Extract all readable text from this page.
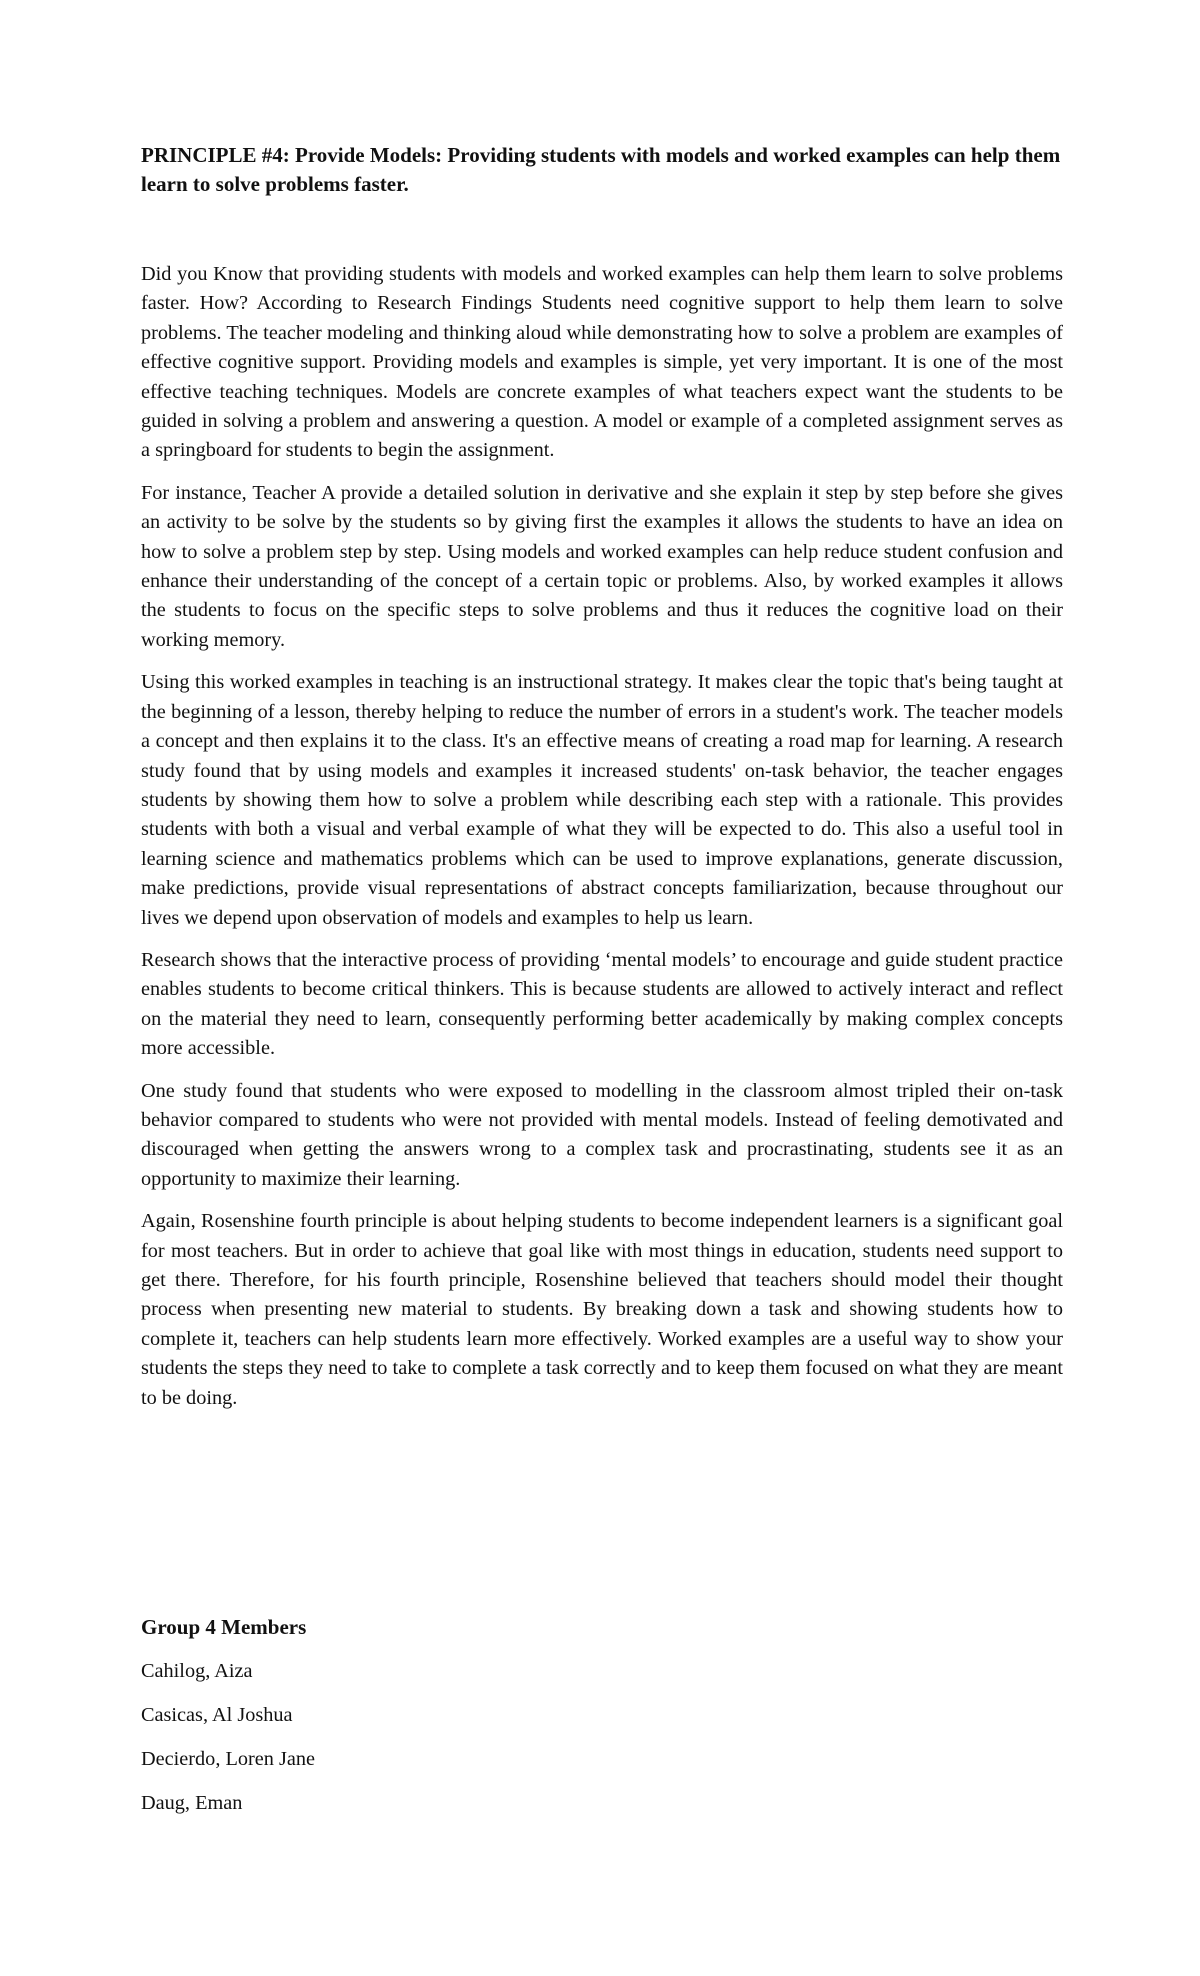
PRINCIPLE #4: Provide Models: Providing students with models and worked examples can help them learn to solve problems faster.

Did you Know that providing students with models and worked examples can help them learn to solve problems faster. How? According to Research Findings Students need cognitive support to help them learn to solve problems. The teacher modeling and thinking aloud while demonstrating how to solve a problem are examples of effective cognitive support. Providing models and examples is simple, yet very important. It is one of the most effective teaching techniques. Models are concrete examples of what teachers expect want the students to be guided in solving a problem and answering a question. A model or example of a completed assignment serves as a springboard for students to begin the assignment.

For instance, Teacher A provide a detailed solution in derivative and she explain it step by step before she gives an activity to be solve by the students so by giving first the examples it allows the students to have an idea on how to solve a problem step by step. Using models and worked examples can help reduce student confusion and enhance their understanding of the concept of a certain topic or problems. Also, by worked examples it allows the students to focus on the specific steps to solve problems and thus it reduces the cognitive load on their working memory.

Using this worked examples in teaching is an instructional strategy. It makes clear the topic that's being taught at the beginning of a lesson, thereby helping to reduce the number of errors in a student's work. The teacher models a concept and then explains it to the class. It's an effective means of creating a road map for learning. A research study found that by using models and examples it increased students' on-task behavior, the teacher engages students by showing them how to solve a problem while describing each step with a rationale. This provides students with both a visual and verbal example of what they will be expected to do. This also a useful tool in learning science and mathematics problems which can be used to improve explanations, generate discussion, make predictions, provide visual representations of abstract concepts familiarization, because throughout our lives we depend upon observation of models and examples to help us learn.

Research shows that the interactive process of providing ‘mental models’ to encourage and guide student practice enables students to become critical thinkers. This is because students are allowed to actively interact and reflect on the material they need to learn, consequently performing better academically by making complex concepts more accessible.

One study found that students who were exposed to modelling in the classroom almost tripled their on-task behavior compared to students who were not provided with mental models. Instead of feeling demotivated and discouraged when getting the answers wrong to a complex task and procrastinating, students see it as an opportunity to maximize their learning.

Again, Rosenshine fourth principle is about helping students to become independent learners is a significant goal for most teachers. But in order to achieve that goal like with most things in education, students need support to get there. Therefore, for his fourth principle, Rosenshine believed that teachers should model their thought process when presenting new material to students. By breaking down a task and showing students how to complete it, teachers can help students learn more effectively. Worked examples are a useful way to show your students the steps they need to take to complete a task correctly and to keep them focused on what they are meant to be doing.

Group 4 Members
Cahilog, Aiza
Casicas, Al Joshua
Decierdo, Loren Jane
Daug, Eman
